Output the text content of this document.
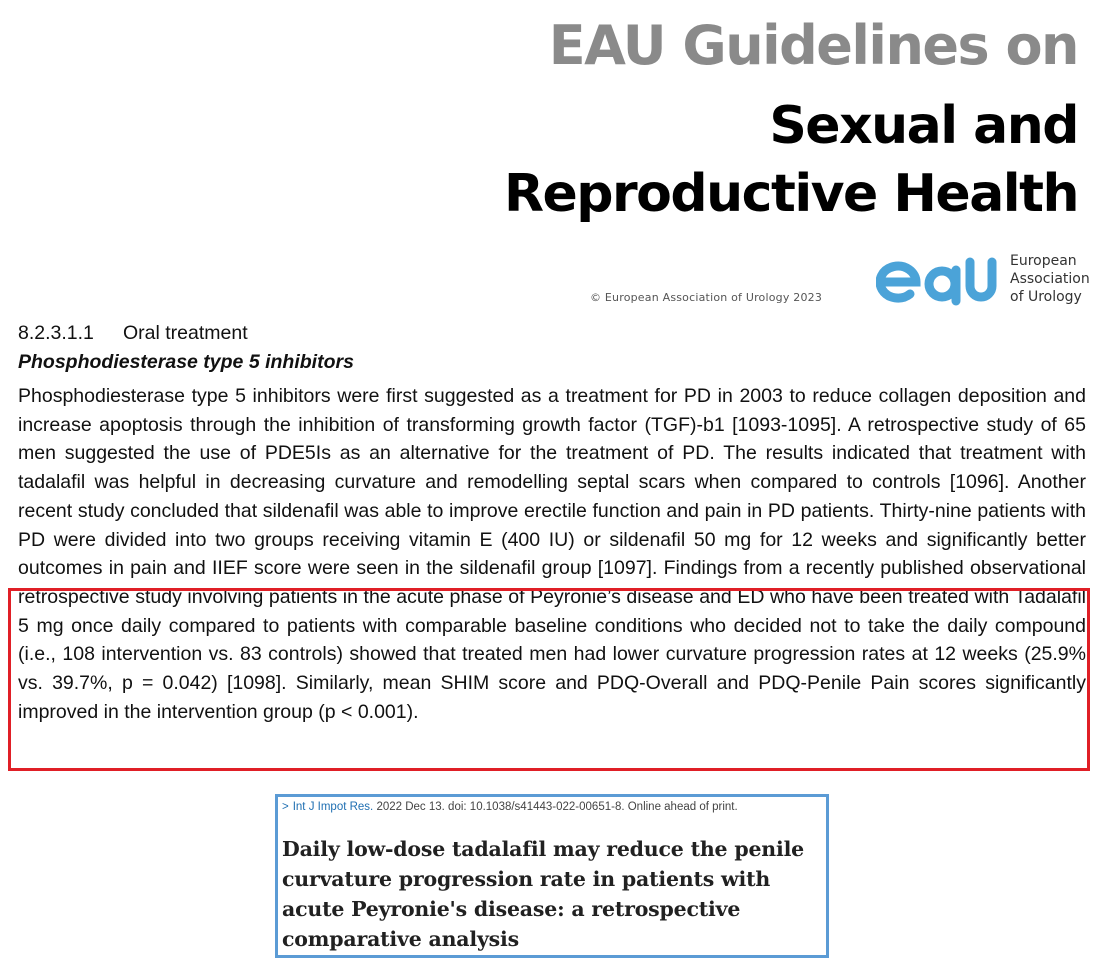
EAU Guidelines on
Sexual and
Reproductive Health
© European Association of Urology 2023
European
Association
of Urology
8.2.3.1.1 Oral treatment
Phosphodiesterase type 5 inhibitors

Phosphodiesterase type 5 inhibitors were first suggested as a treatment for PD in 2003 to reduce collagen deposition and increase apoptosis through the inhibition of transforming growth factor (TGF)-b1 [1093-1095]. A retrospective study of 65 men suggested the use of PDE5Is as an alternative for the treatment of PD. The results indicated that treatment with tadalafil was helpful in decreasing curvature and remodelling septal scars when compared to controls [1096]. Another recent study concluded that sildenafil was able to improve erectile function and pain in PD patients. Thirty-nine patients with PD were divided into two groups receiving vitamin E (400 IU) or sildenafil 50 mg for 12 weeks and significantly better outcomes in pain and IIEF score were seen in the sildenafil group [1097]. Findings from a recently published observational retrospective study involving patients in the acute phase of Peyronie’s disease and ED who have been treated with Tadalafil 5 mg once daily compared to patients with comparable baseline conditions who decided not to take the daily compound (i.e., 108 intervention vs. 83 controls) showed that treated men had lower curvature progression rates at 12 weeks (25.9% vs. 39.7%, p = 0.042) [1098]. Similarly, mean SHIM score and PDQ-Overall and PDQ-Penile Pain scores significantly improved in the intervention group (p < 0.001).

> Int J Impot Res. 2022 Dec 13. doi: 10.1038/s41443-022-00651-8. Online ahead of print.
Daily low-dose tadalafil may reduce the penile curvature progression rate in patients with acute Peyronie's disease: a retrospective comparative analysis
